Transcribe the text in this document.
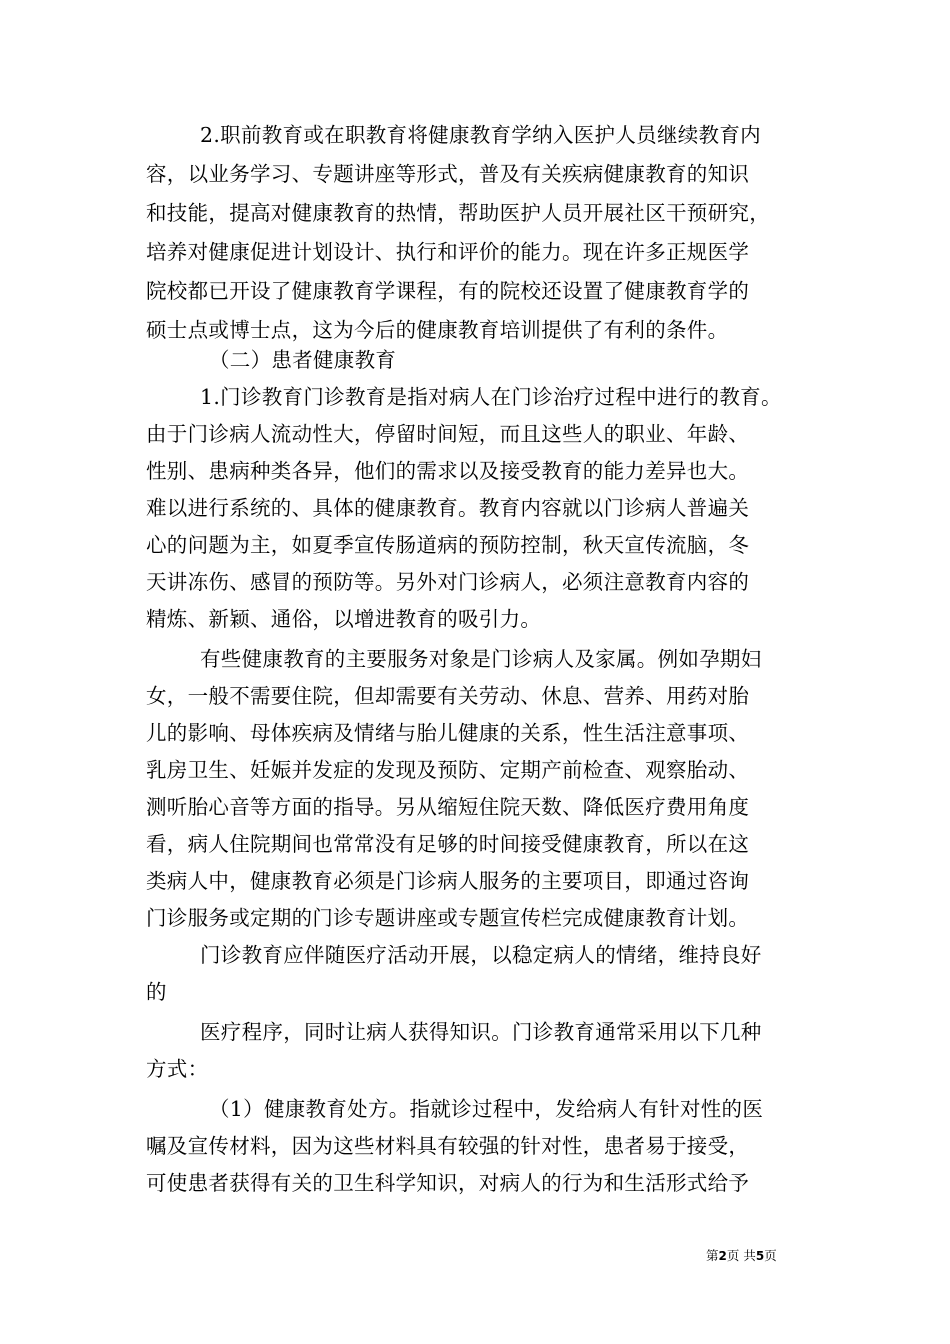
2.职前教育或在职教育将健康教育学纳入医护人员继续教育内
容，以业务学习、专题讲座等形式，普及有关疾病健康教育的知识
和技能，提高对健康教育的热情，帮助医护人员开展社区干预研究，
培养对健康促进计划设计、执行和评价的能力。现在许多正规医学
院校都已开设了健康教育学课程，有的院校还设置了健康教育学的
硕士点或博士点，这为今后的健康教育培训提供了有利的条件。
（二）患者健康教育
1.门诊教育门诊教育是指对病人在门诊治疗过程中进行的教育。
由于门诊病人流动性大，停留时间短，而且这些人的职业、年龄、
性别、患病种类各异，他们的需求以及接受教育的能力差异也大。
难以进行系统的、具体的健康教育。教育内容就以门诊病人普遍关
心的问题为主，如夏季宣传肠道病的预防控制，秋天宣传流脑，冬
天讲冻伤、感冒的预防等。另外对门诊病人，必须注意教育内容的
精炼、新颖、通俗，以增进教育的吸引力。
有些健康教育的主要服务对象是门诊病人及家属。例如孕期妇
女，一般不需要住院，但却需要有关劳动、休息、营养、用药对胎
儿的影响、母体疾病及情绪与胎儿健康的关系，性生活注意事项、
乳房卫生、妊娠并发症的发现及预防、定期产前检查、观察胎动、
测听胎心音等方面的指导。另从缩短住院天数、降低医疗费用角度
看，病人住院期间也常常没有足够的时间接受健康教育，所以在这
类病人中，健康教育必须是门诊病人服务的主要项目，即通过咨询
门诊服务或定期的门诊专题讲座或专题宣传栏完成健康教育计划。
门诊教育应伴随医疗活动开展，以稳定病人的情绪，维持良好
的
医疗程序，同时让病人获得知识。门诊教育通常采用以下几种
方式：
（1）健康教育处方。指就诊过程中，发给病人有针对性的医
嘱及宣传材料，因为这些材料具有较强的针对性，患者易于接受，
可使患者获得有关的卫生科学知识，对病人的行为和生活形式给予
第2页 共5页
